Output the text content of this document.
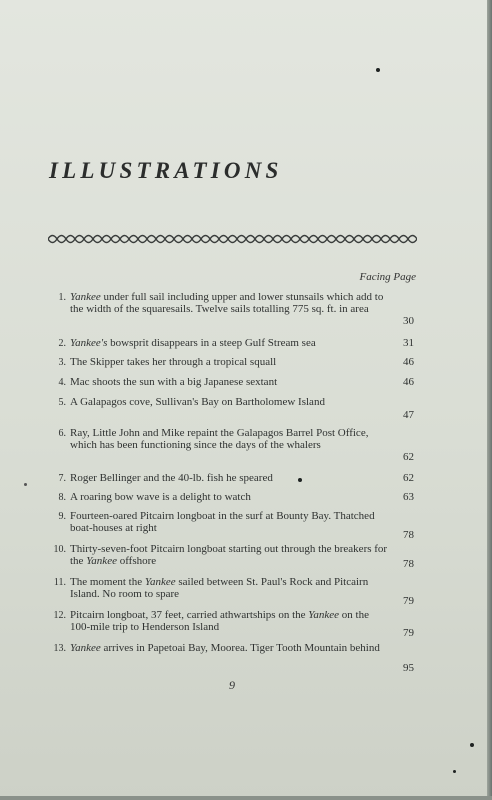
ILLUSTRATIONS
Facing Page
1. Yankee under full sail including upper and lower stunsails which add to the width of the squaresails. Twelve sails totalling 775 sq. ft. in area
30
2. Yankee's bowsprit disappears in a steep Gulf Stream sea	31
3. The Skipper takes her through a tropical squall	46
4. Mac shoots the sun with a big Japanese sextant	46
5. A Galapagos cove, Sullivan's Bay on Bartholomew Island
47
6. Ray, Little John and Mike repaint the Galapagos Barrel Post Office, which has been functioning since the days of the whalers
62
7. Roger Bellinger and the 40-lb. fish he speared	62
8. A roaring bow wave is a delight to watch	63
9. Fourteen-oared Pitcairn longboat in the surf at Bounty Bay. Thatched boat-houses at right
78
10. Thirty-seven-foot Pitcairn longboat starting out through the breakers for the Yankee offshore	78
11. The moment the Yankee sailed between St. Paul's Rock and Pitcairn Island. No room to spare
79
12. Pitcairn longboat, 37 feet, carried athwartships on the Yankee on the 100-mile trip to Henderson Island	79
13. Yankee arrives in Papetoai Bay, Moorea. Tiger Tooth Mountain behind
95
9
